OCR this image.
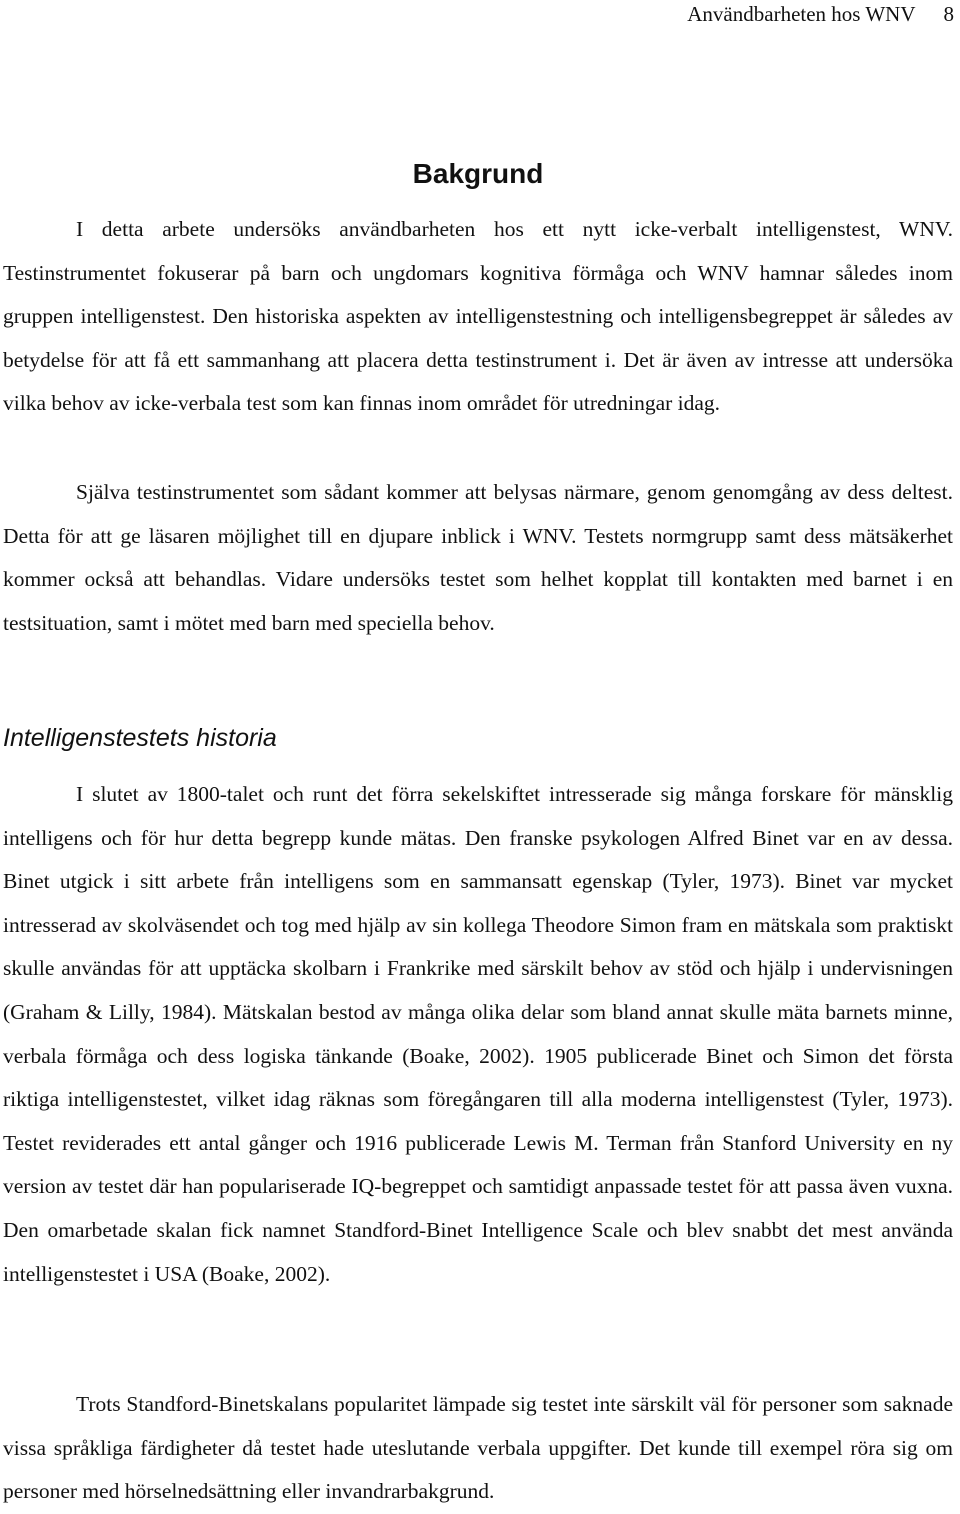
Användbarheten hos WNV 8
Bakgrund

I detta arbete undersöks användbarheten hos ett nytt icke-verbalt intelligenstest, WNV. Testinstrumentet fokuserar på barn och ungdomars kognitiva förmåga och WNV hamnar således inom gruppen intelligenstest. Den historiska aspekten av intelligenstestning och intelligensbegreppet är således av betydelse för att få ett sammanhang att placera detta testinstrument i. Det är även av intresse att undersöka vilka behov av icke-verbala test som kan finnas inom området för utredningar idag.

Själva testinstrumentet som sådant kommer att belysas närmare, genom genomgång av dess deltest. Detta för att ge läsaren möjlighet till en djupare inblick i WNV. Testets normgrupp samt dess mätsäkerhet kommer också att behandlas. Vidare undersöks testet som helhet kopplat till kontakten med barnet i en testsituation, samt i mötet med barn med speciella behov.

Intelligenstestets historia

I slutet av 1800-talet och runt det förra sekelskiftet intresserade sig många forskare för mänsklig intelligens och för hur detta begrepp kunde mätas. Den franske psykologen Alfred Binet var en av dessa. Binet utgick i sitt arbete från intelligens som en sammansatt egenskap (Tyler, 1973). Binet var mycket intresserad av skolväsendet och tog med hjälp av sin kollega Theodore Simon fram en mätskala som praktiskt skulle användas för att upptäcka skolbarn i Frankrike med särskilt behov av stöd och hjälp i undervisningen (Graham & Lilly, 1984). Mätskalan bestod av många olika delar som bland annat skulle mäta barnets minne, verbala förmåga och dess logiska tänkande (Boake, 2002). 1905 publicerade Binet och Simon det första riktiga intelligenstestet, vilket idag räknas som föregångaren till alla moderna intelligenstest (Tyler, 1973). Testet reviderades ett antal gånger och 1916 publicerade Lewis M. Terman från Stanford University en ny version av testet där han populariserade IQ-begreppet och samtidigt anpassade testet för att passa även vuxna. Den omarbetade skalan fick namnet Standford-Binet Intelligence Scale och blev snabbt det mest använda intelligenstestet i USA (Boake, 2002).

Trots Standford-Binetskalans popularitet lämpade sig testet inte särskilt väl för personer som saknade vissa språkliga färdigheter då testet hade uteslutande verbala uppgifter. Det kunde till exempel röra sig om personer med hörselnedsättning eller invandrarbakgrund.
